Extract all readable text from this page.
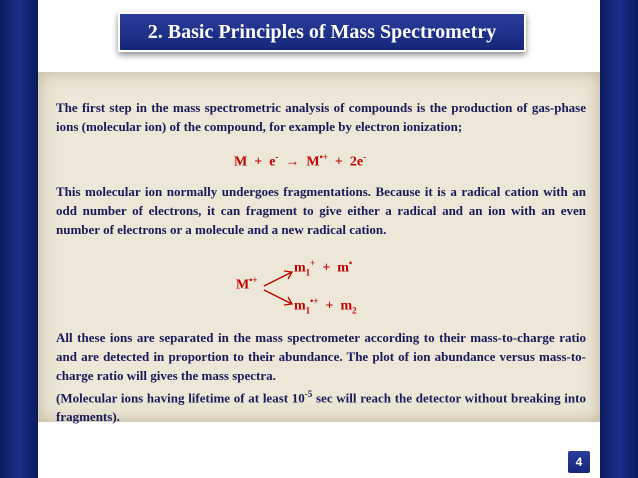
2. Basic Principles of Mass Spectrometry

The first step in the mass spectrometric analysis of compounds is the production of gas-phase ions (molecular ion) of the compound, for example by electron ionization;

M + e- → M•+ + 2e-

This molecular ion normally undergoes fragmentations. Because it is a radical cation with an odd number of electrons, it can fragment to give either a radical and an ion with an even number of electrons or a molecule and a new radical cation.

M•+
$m_1^+ + m^•$
$m_1^{•+} + m_2$
All these ions are separated in the mass spectrometer according to their mass-to-charge ratio and are detected in proportion to their abundance. The plot of ion abundance versus mass-to-charge ratio will gives the mass spectra.
(Molecular ions having lifetime of at least $10^{-5}$ sec will reach the detector without breaking into fragments).
4
